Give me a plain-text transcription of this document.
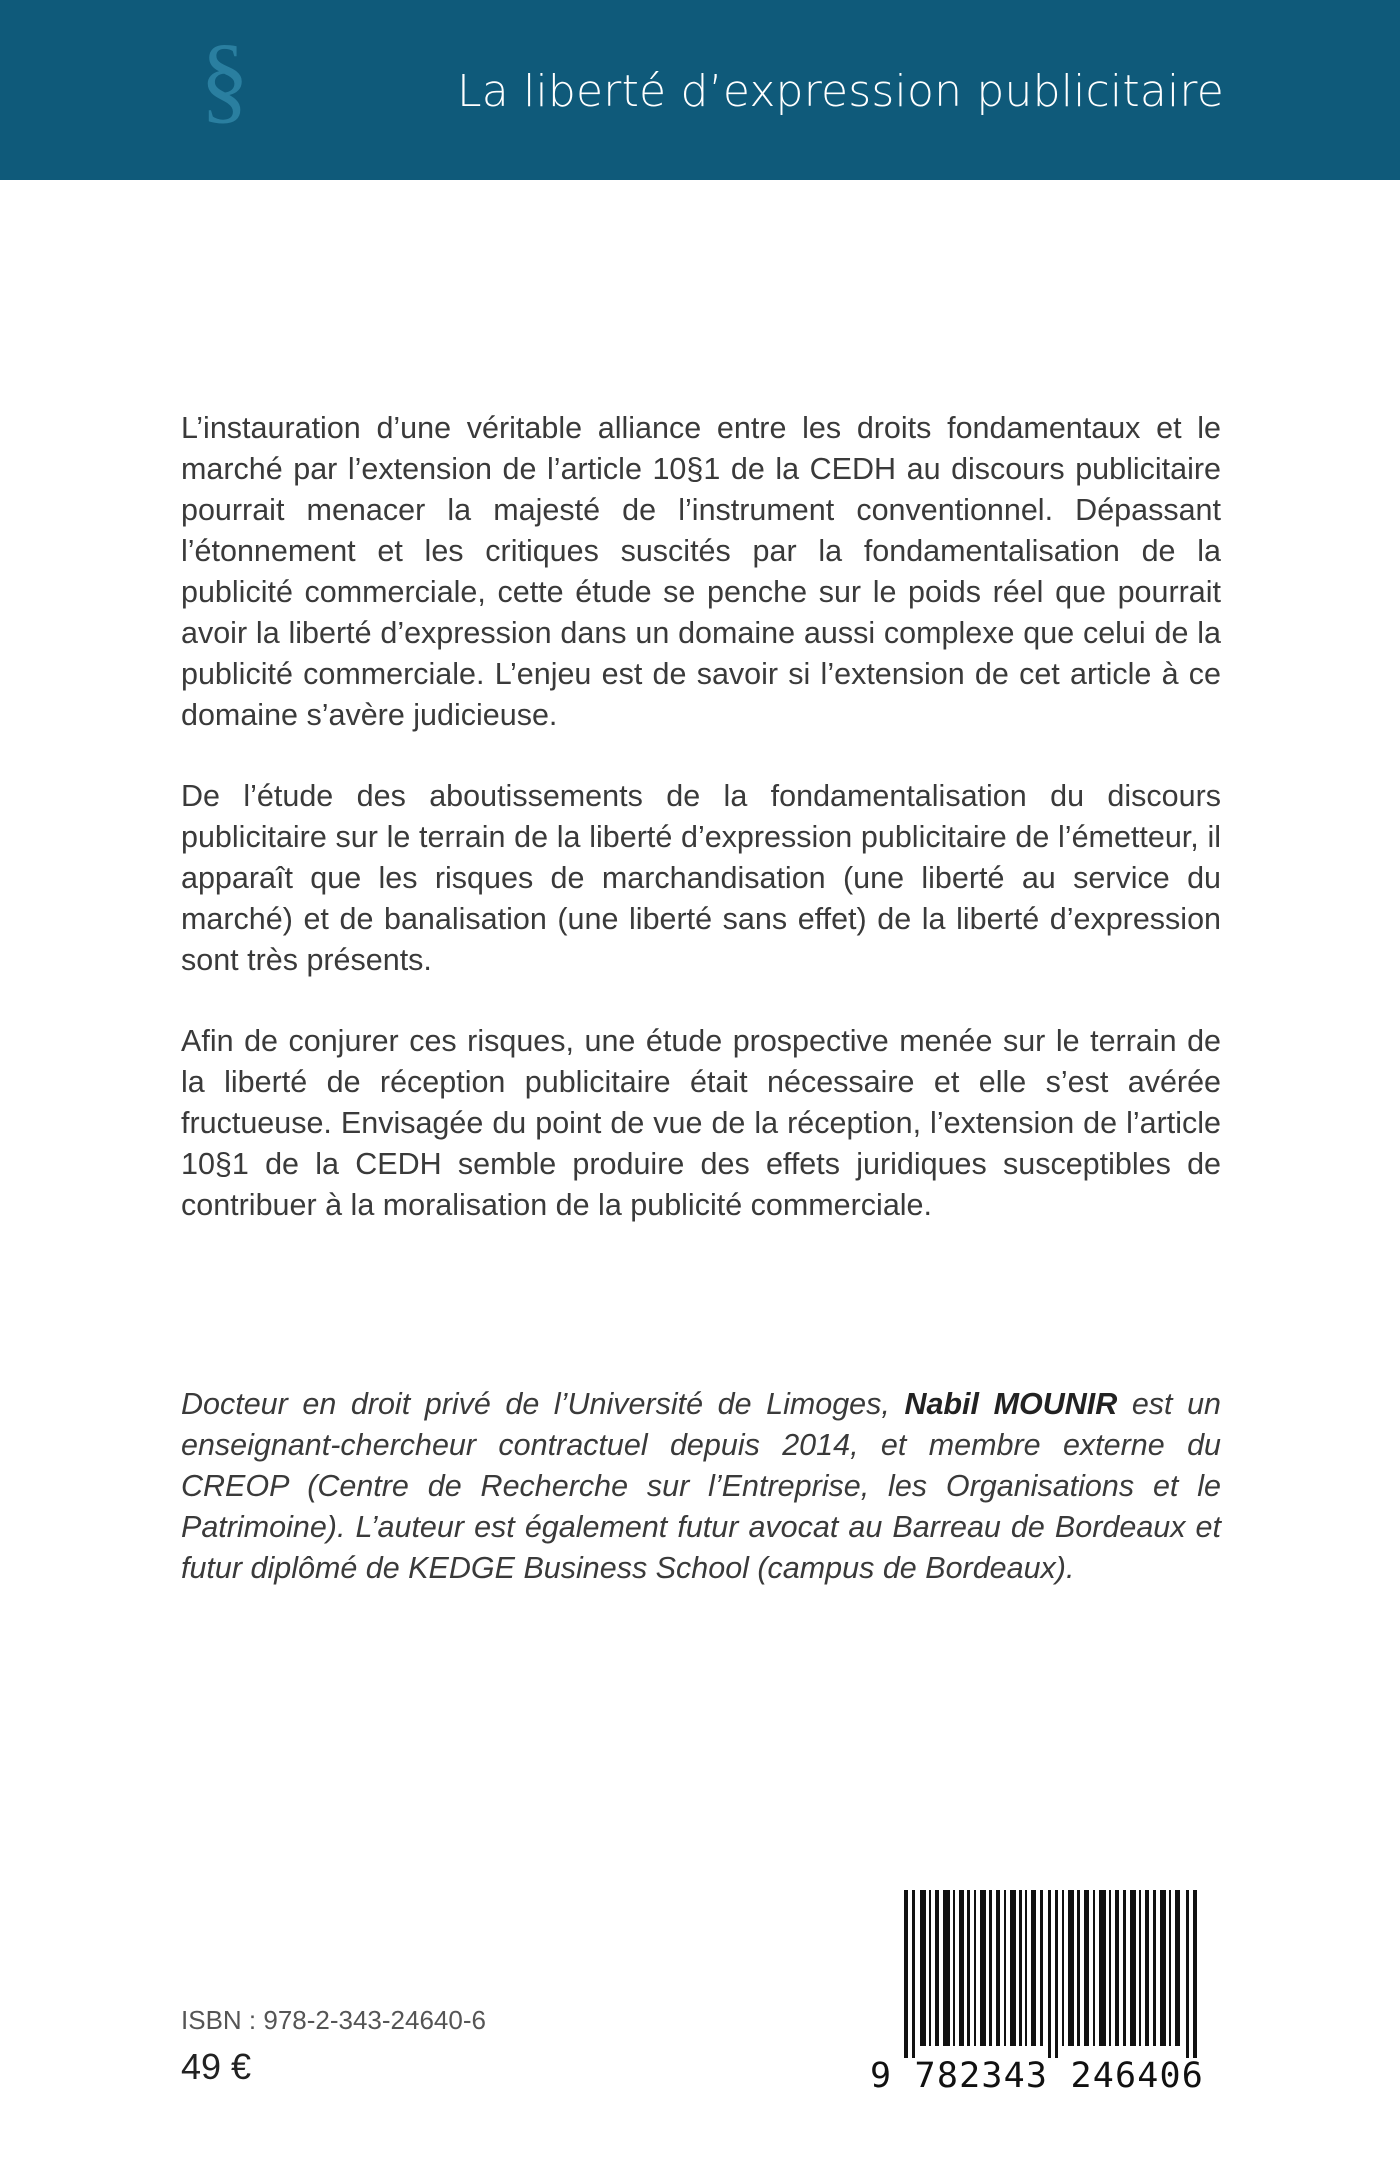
§	La liberté d’expression publicitaire

L’instauration d’une véritable alliance entre les droits fondamentaux et le marché par l’extension de l’article 10§1 de la CEDH au discours publicitaire pourrait menacer la majesté de l’instrument conventionnel. Dépassant l’étonnement et les critiques suscités par la fondamentalisation de la publicité commerciale, cette étude se penche sur le poids réel que pourrait avoir la liberté d’expression dans un domaine aussi complexe que celui de la publicité commerciale. L’enjeu est de savoir si l’extension de cet article à ce domaine s’avère judicieuse.

De l’étude des aboutissements de la fondamentalisation du discours publicitaire sur le terrain de la liberté d’expression publicitaire de l’émetteur, il apparaît que les risques de marchandisation (une liberté au service du marché) et de banalisation (une liberté sans effet) de la liberté d’expression sont très présents.

Afin de conjurer ces risques, une étude prospective menée sur le terrain de la liberté de réception publicitaire était nécessaire et elle s’est avérée fructueuse. Envisagée du point de vue de la réception, l’extension de l’article 10§1 de la CEDH semble produire des effets juridiques susceptibles de contribuer à la moralisation de la publicité commerciale.

Docteur en droit privé de l’Université de Limoges, Nabil MOUNIR est un enseignant-chercheur contractuel depuis 2014, et membre externe du CREOP (Centre de Recherche sur l’Entreprise, les Organisations et le Patrimoine). L’auteur est également futur avocat au Barreau de Bordeaux et futur diplômé de KEDGE Business School (campus de Bordeaux).

ISBN : 978-2-343-24640-6
49 €	9 782343 246406
